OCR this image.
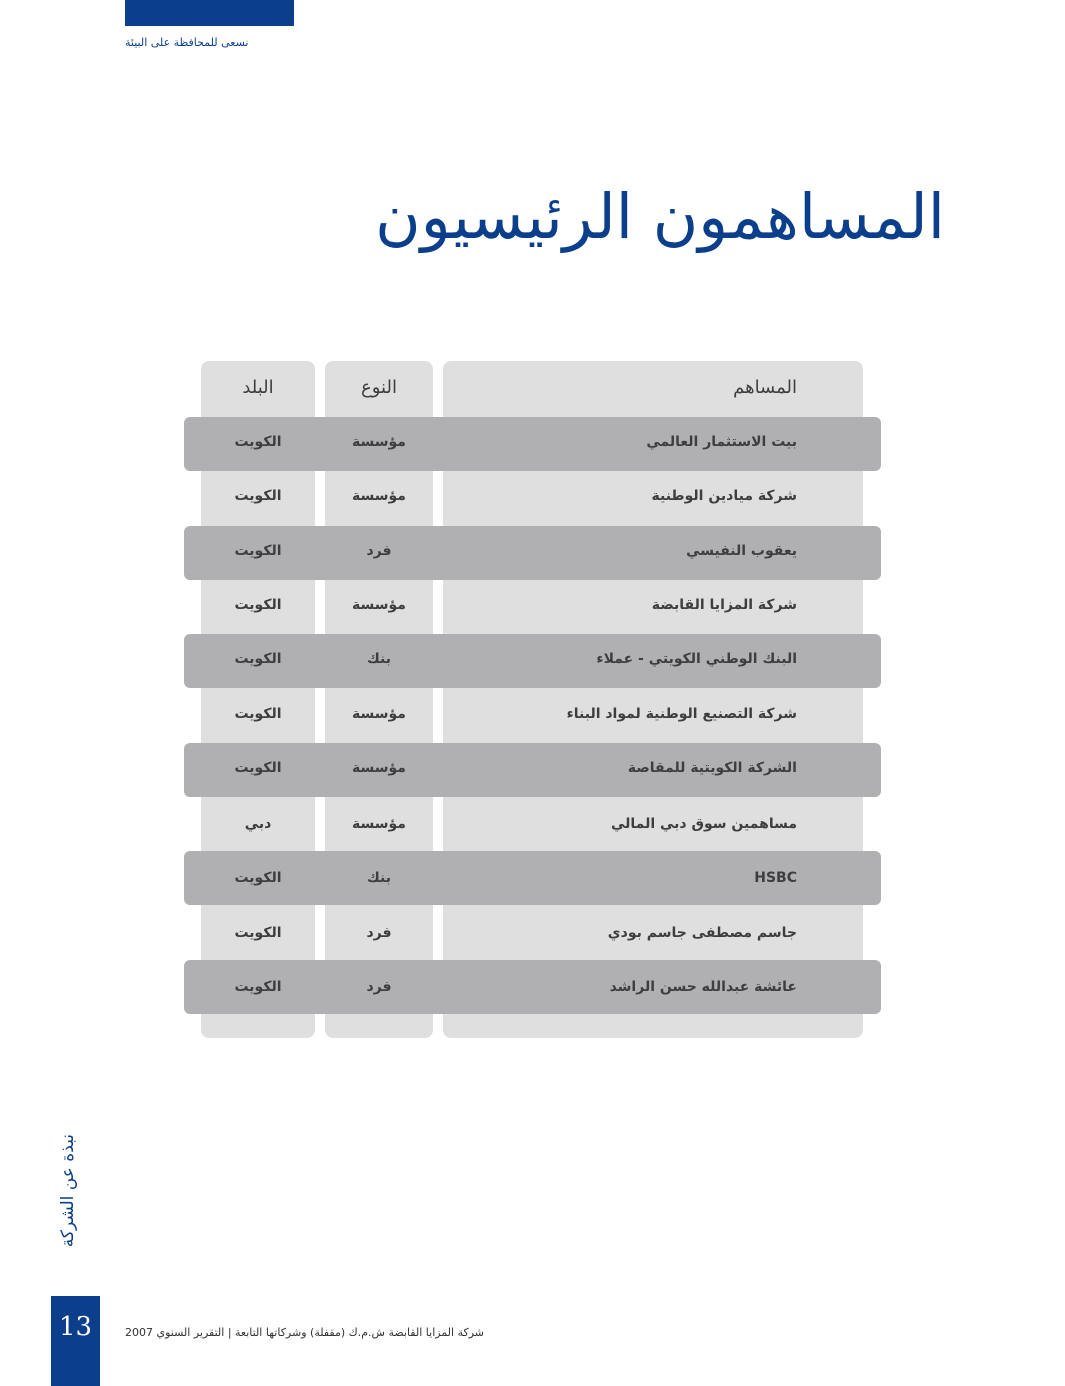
نسعى للمحافظة على البيئة
المساهمون الرئيسيون
المساهم
النوع
البلد
بيت الاستثمار العالمي
مؤسسة
الكويت
شركة ميادين الوطنية
مؤسسة
الكويت
يعقوب النفيسي
فرد
الكويت
شركة المزايا القابضة
مؤسسة
الكويت
البنك الوطني الكويتي - عملاء
بنك
الكويت
شركة التصنيع الوطنية لمواد البناء
مؤسسة
الكويت
الشركة الكويتية للمقاصة
مؤسسة
الكويت
مساهمين سوق دبي المالي
مؤسسة
دبي
HSBC
بنك
الكويت
جاسم مصطفى جاسم بودي
فرد
الكويت
عائشة عبدالله حسن الراشد
فرد
الكويت
نبذة عن الشركة
13	شركة المزايا القابضة ش.م.ك (مقفلة) وشركاتها التابعة | التقرير السنوي 2007
